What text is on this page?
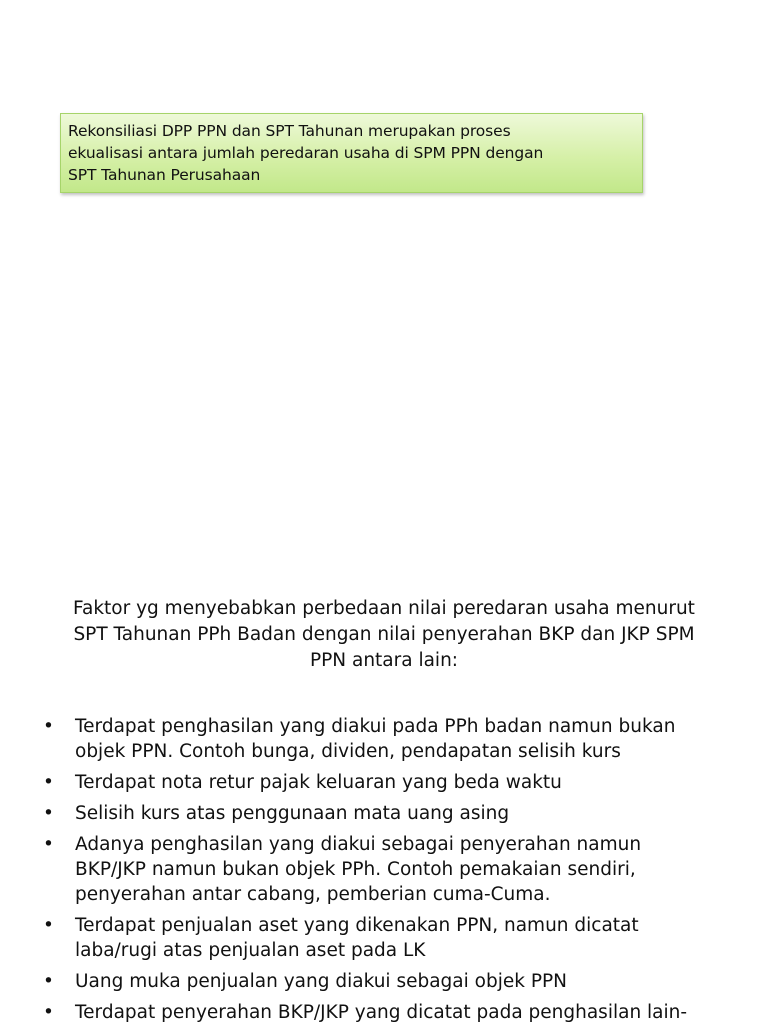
Rekonsiliasi DPP PPN dan SPT Tahunan merupakan proses
ekualisasi antara jumlah peredaran usaha di SPM PPN dengan
SPT Tahunan Perusahaan
Faktor yg menyebabkan perbedaan nilai peredaran usaha menurut
SPT Tahunan PPh Badan dengan nilai penyerahan BKP dan JKP SPM
PPN antara lain:
• Terdapat penghasilan yang diakui pada PPh badan namun bukan
objek PPN. Contoh bunga, dividen, pendapatan selisih kurs
• Terdapat nota retur pajak keluaran yang beda waktu
• Selisih kurs atas penggunaan mata uang asing
• Adanya penghasilan yang diakui sebagai penyerahan namun
BKP/JKP namun bukan objek PPh. Contoh pemakaian sendiri,
penyerahan antar cabang, pemberian cuma-Cuma.
• Terdapat penjualan aset yang dikenakan PPN, namun dicatat
laba/rugi atas penjualan aset pada LK
• Uang muka penjualan yang diakui sebagai objek PPN
• Terdapat penyerahan BKP/JKP yang dicatat pada penghasilan lain-
